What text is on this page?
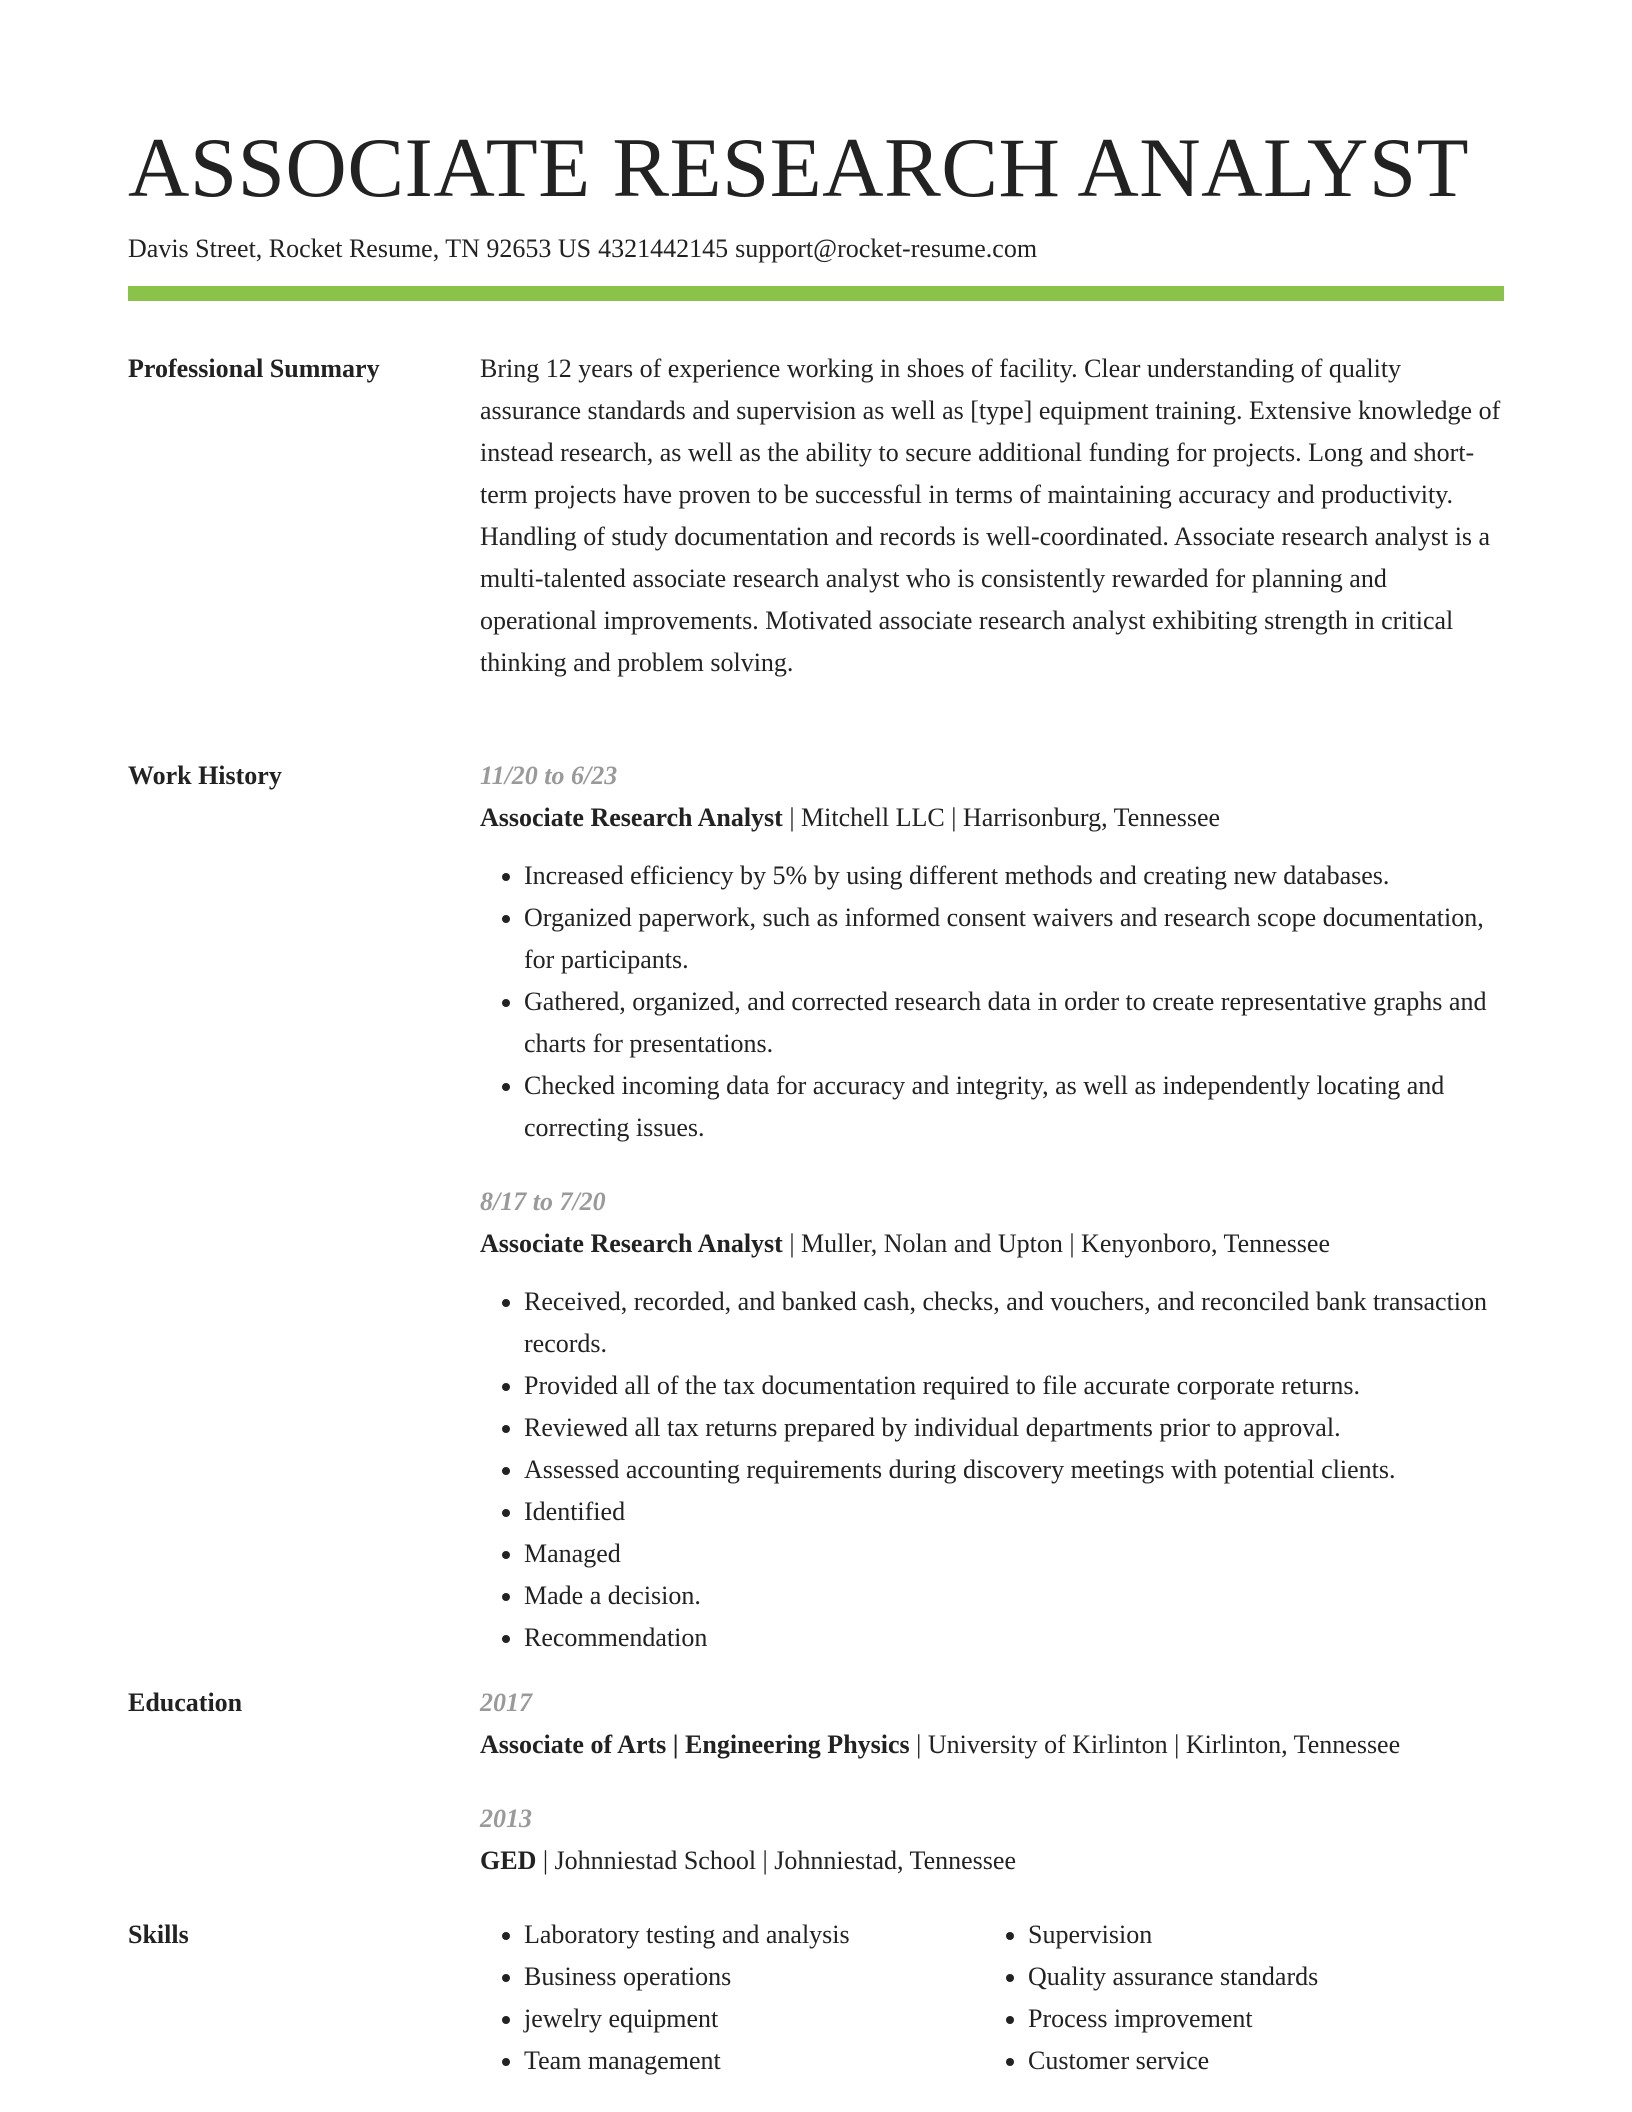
ASSOCIATE RESEARCH ANALYST
Davis Street, Rocket Resume, TN 92653 US 4321442145 support@rocket-resume.com
Professional Summary	Bring 12 years of experience working in shoes of facility. Clear understanding of quality assurance standards and supervision as well as [type] equipment training. Extensive knowledge of instead research, as well as the ability to secure additional funding for projects. Long and short-term projects have proven to be successful in terms of maintaining accuracy and productivity. Handling of study documentation and records is well-coordinated. Associate research analyst is a multi-talented associate research analyst who is consistently rewarded for planning and operational improvements. Motivated associate research analyst exhibiting strength in critical thinking and problem solving.

Work History	11/20 to 6/23
Associate Research Analyst | Mitchell LLC | Harrisonburg, Tennessee
• Increased efficiency by 5% by using different methods and creating new databases.
• Organized paperwork, such as informed consent waivers and research scope documentation, for participants.
• Gathered, organized, and corrected research data in order to create representative graphs and charts for presentations.
• Checked incoming data for accuracy and integrity, as well as independently locating and correcting issues.
8/17 to 7/20
Associate Research Analyst | Muller, Nolan and Upton | Kenyonboro, Tennessee
• Received, recorded, and banked cash, checks, and vouchers, and reconciled bank transaction records.
• Provided all of the tax documentation required to file accurate corporate returns.
• Reviewed all tax returns prepared by individual departments prior to approval.
• Assessed accounting requirements during discovery meetings with potential clients.
• Identified
• Managed
• Made a decision.
• Recommendation
Education	2017
Associate of Arts | Engineering Physics | University of Kirlinton | Kirlinton, Tennessee
2013
GED | Johnniestad School | Johnniestad, Tennessee
Skills
•	Laboratory testing and analysis
• Business operations
• jewelry equipment
• Team management
• Supervision
• Quality assurance standards
• Process improvement
• Customer service
